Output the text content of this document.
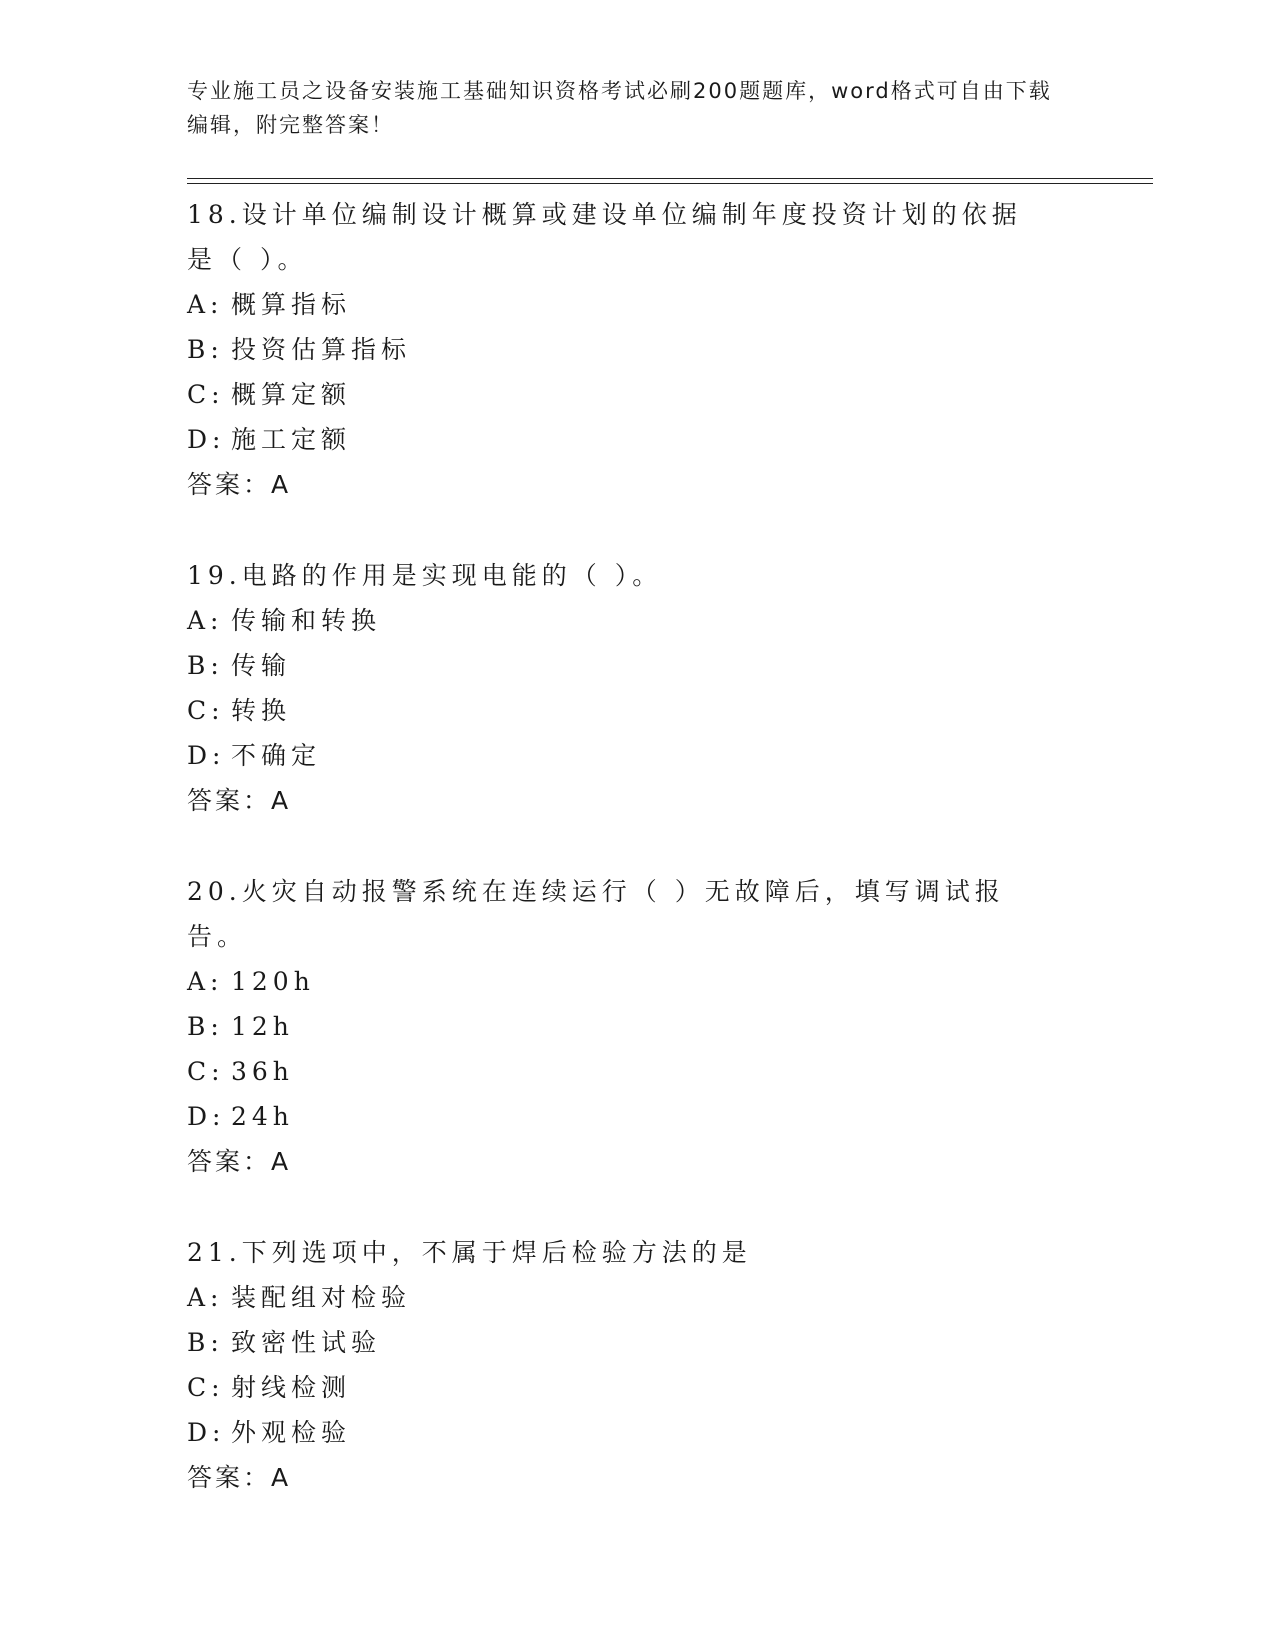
专业施工员之设备安装施工基础知识资格考试必刷200题题库，word格式可自由下载编辑，附完整答案！

18.设计单位编制设计概算或建设单位编制年度投资计划的依据是（ ）。

A: 概算指标
B: 投资估算指标
C: 概算定额
D: 施工定额

答案：A

19.电路的作用是实现电能的（ ）。

A: 传输和转换
B: 传输
C: 转换
D: 不确定

答案：A

20.火灾自动报警系统在连续运行（ ）无故障后，填写调试报告。

A: 120h
B: 12h
C: 36h
D: 24h

答案：A

21.下列选项中，不属于焊后检验方法的是

A: 装配组对检验
B: 致密性试验
C: 射线检测
D: 外观检验

答案：A
